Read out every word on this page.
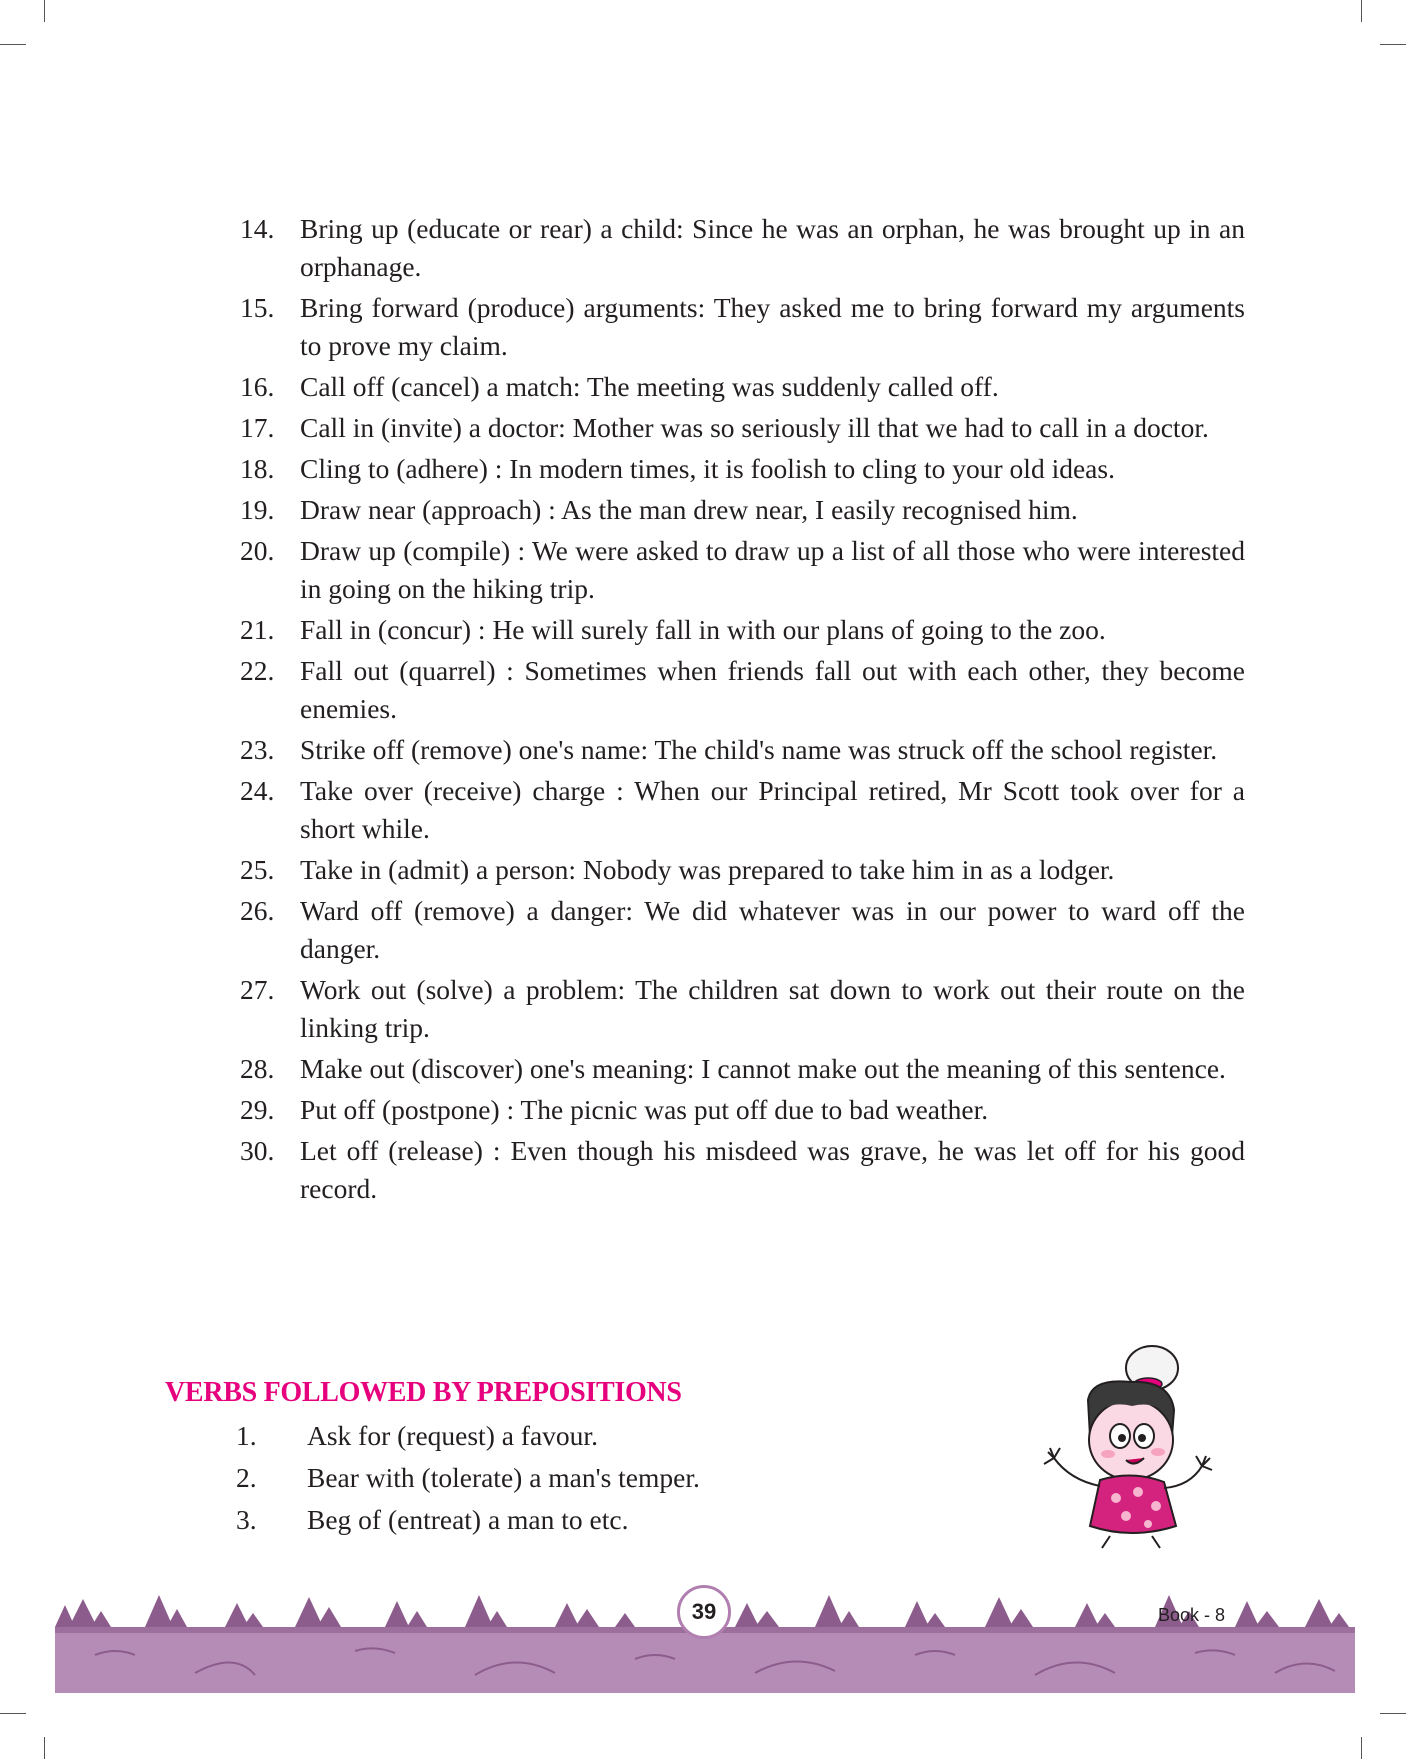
14. Bring up (educate or rear) a child: Since he was an orphan, he was brought up in an orphanage.
15. Bring forward (produce) arguments: They asked me to bring forward my arguments to prove my claim.
16. Call off (cancel) a match: The meeting was suddenly called off.
17. Call in (invite) a doctor: Mother was so seriously ill that we had to call in a doctor.
18. Cling to (adhere) : In modern times, it is foolish to cling to your old ideas.
19. Draw near (approach) : As the man drew near, I easily recognised him.
20. Draw up (compile) : We were asked to draw up a list of all those who were interested in going on the hiking trip.
21. Fall in (concur) : He will surely fall in with our plans of going to the zoo.
22. Fall out (quarrel) : Sometimes when friends fall out with each other, they become enemies.
23. Strike off (remove) one's name: The child's name was struck off the school register.
24. Take over (receive) charge : When our Principal retired, Mr Scott took over for a short while.
25. Take in (admit) a person: Nobody was prepared to take him in as a lodger.
26. Ward off (remove) a danger: We did whatever was in our power to ward off the danger.
27. Work out (solve) a problem: The children sat down to work out their route on the linking trip.
28. Make out (discover) one's meaning: I cannot make out the meaning of this sentence.
29. Put off (postpone) : The picnic was put off due to bad weather.
30. Let off (release) : Even though his misdeed was grave, he was let off for his good record.
VERBS FOLLOWED BY PREPOSITIONS
1. Ask for (request) a favour.
2. Bear with (tolerate) a man's temper.
3. Beg of (entreat) a man to etc.
39	Book - 8
